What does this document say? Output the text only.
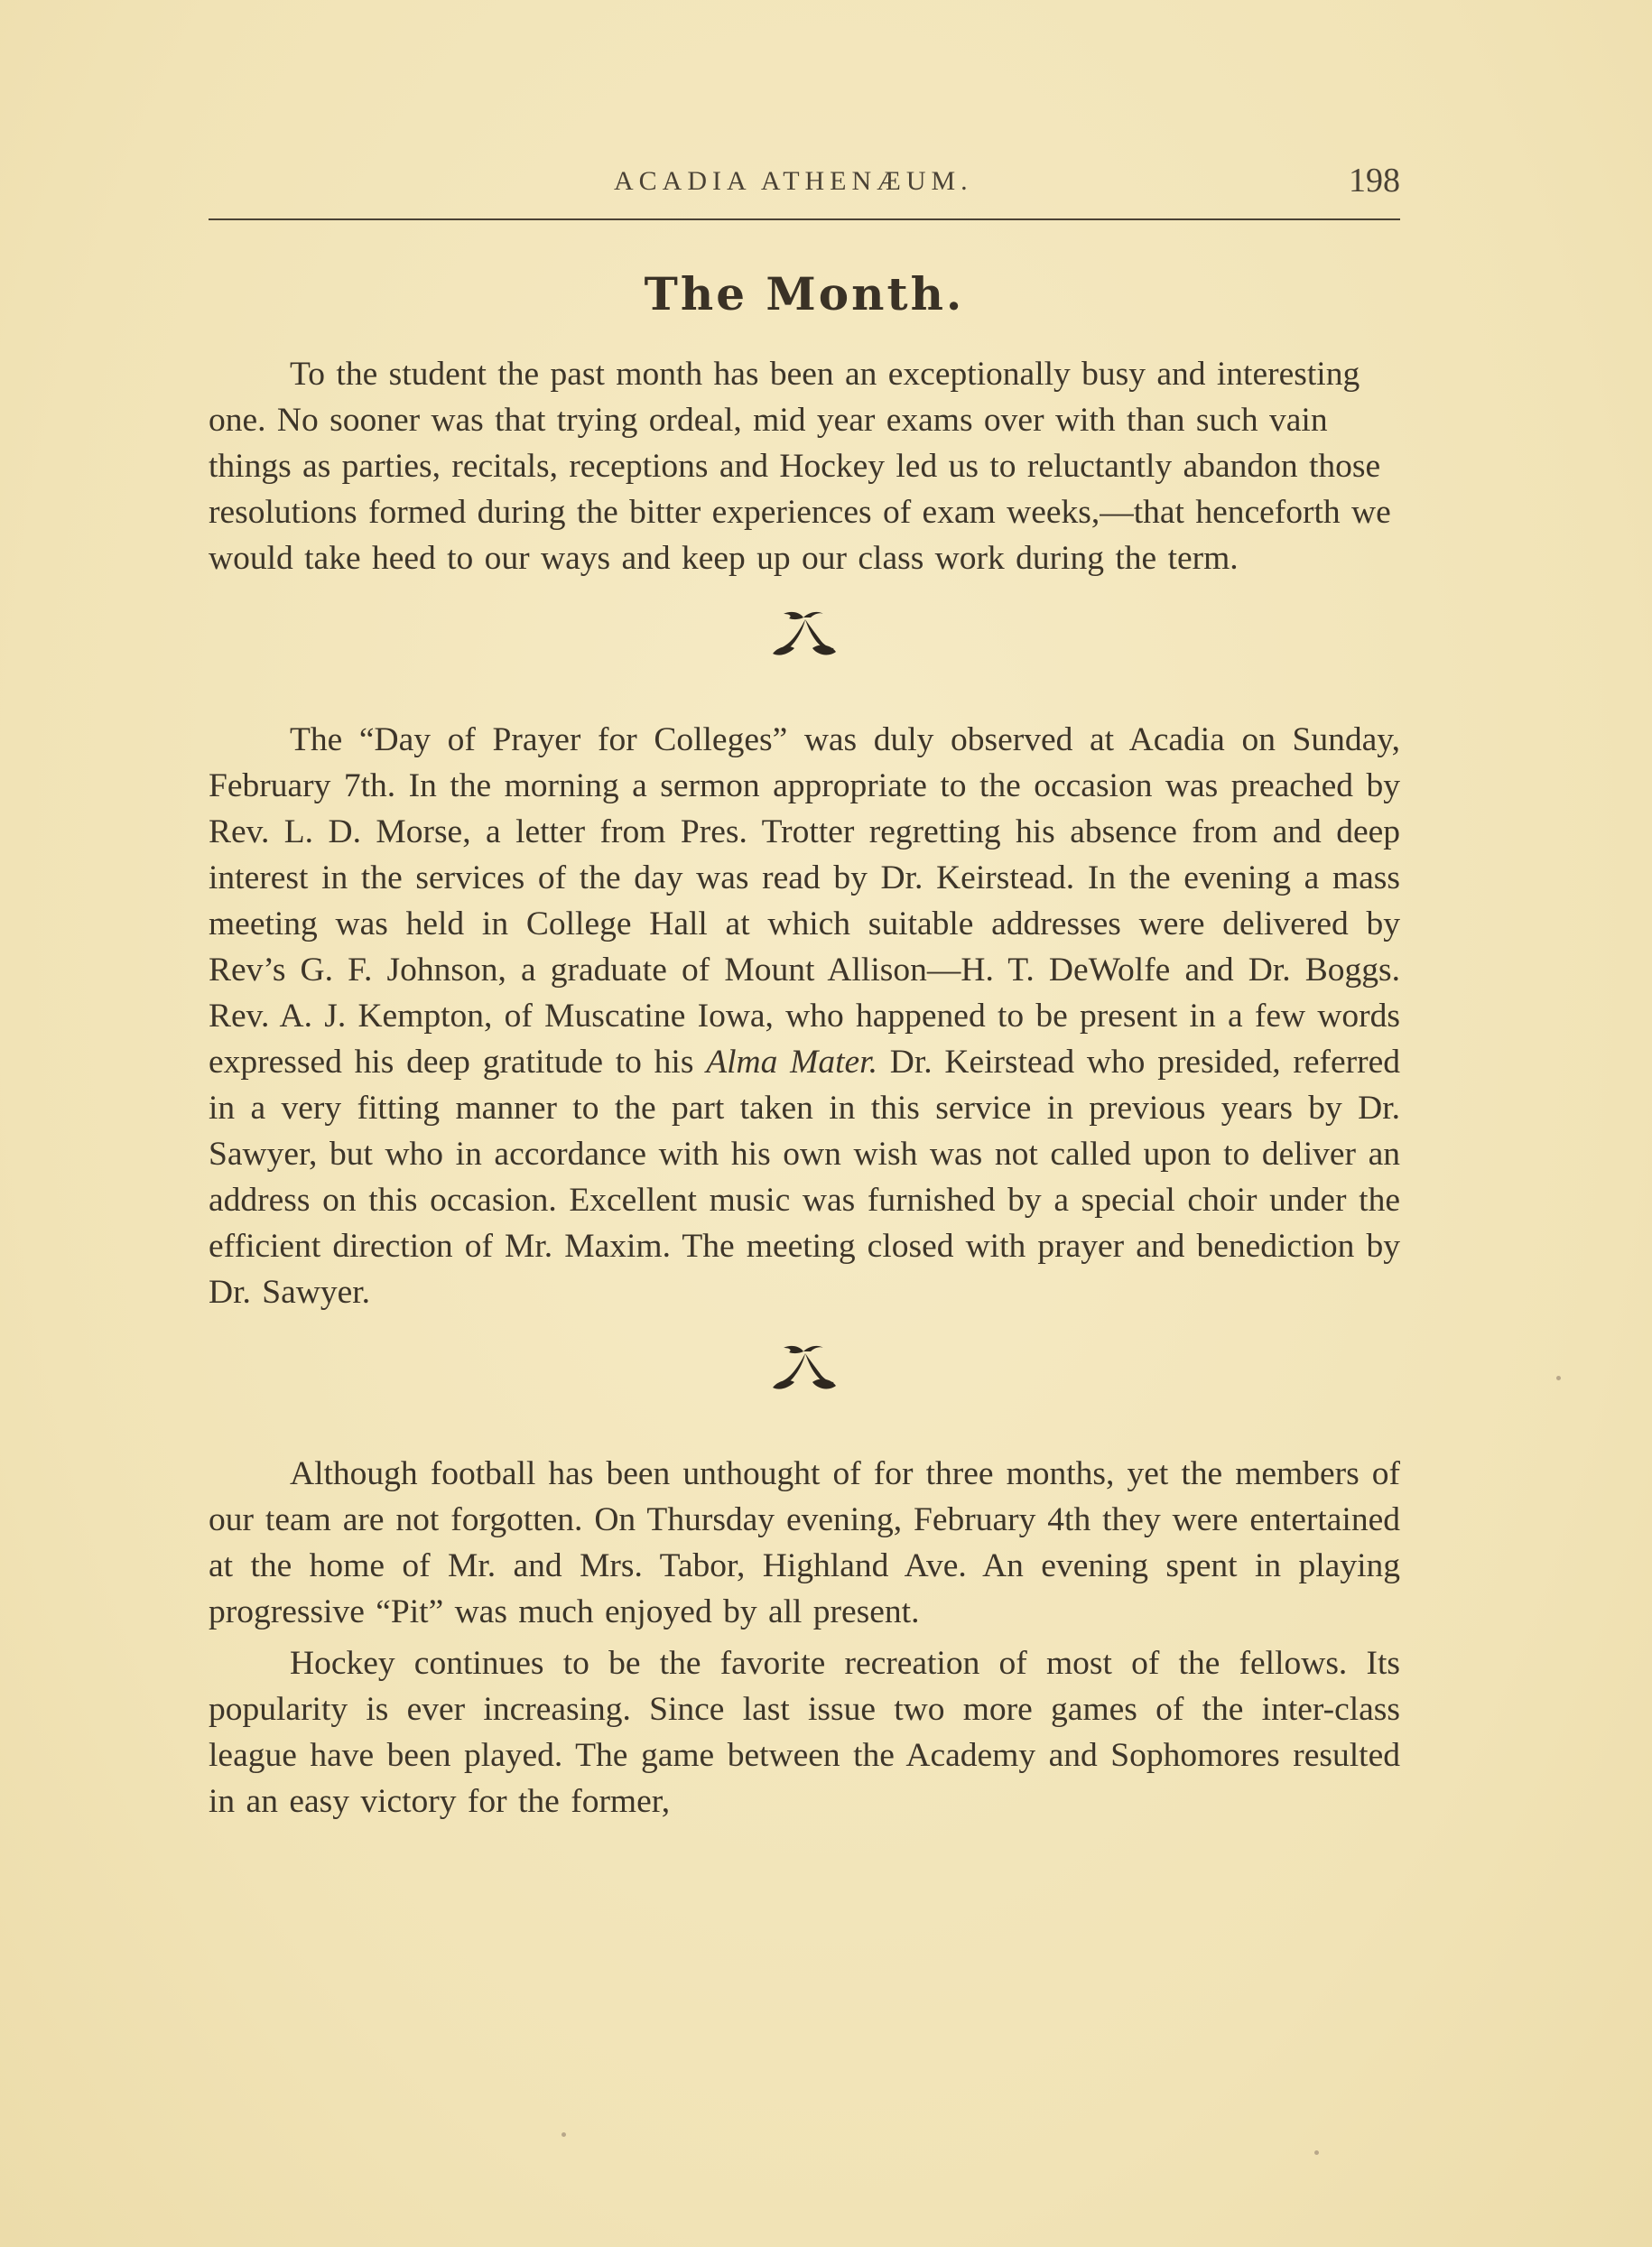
ACADIA ATHENÆUM.	198
The Month.

To the student the past month has been an exceptionally busy and interesting one. No sooner was that trying ordeal, mid year exams over with than such vain things as parties, recitals, receptions and Hockey led us to reluctantly abandon those resolutions formed during the bitter experiences of exam weeks,—that henceforth we would take heed to our ways and keep up our class work during the term.

The “Day of Prayer for Colleges” was duly observed at Acadia on Sunday, February 7th. In the morning a sermon appropriate to the occasion was preached by Rev. L. D. Morse, a letter from Pres. Trotter regretting his absence from and deep interest in the services of the day was read by Dr. Keirstead. In the evening a mass meeting was held in College Hall at which suitable addresses were delivered by Rev’s G. F. Johnson, a graduate of Mount Allison—H. T. DeWolfe and Dr. Boggs. Rev. A. J. Kempton, of Muscatine Iowa, who happened to be present in a few words expressed his deep gratitude to his Alma Mater. Dr. Keirstead who presided, referred in a very fitting manner to the part taken in this service in previous years by Dr. Sawyer, but who in accordance with his own wish was not called upon to deliver an address on this occasion. Excellent music was furnished by a special choir under the efficient direction of Mr. Maxim. The meeting closed with prayer and benediction by Dr. Sawyer.

Although football has been unthought of for three months, yet the members of our team are not forgotten. On Thursday evening, February 4th they were entertained at the home of Mr. and Mrs. Tabor, Highland Ave. An evening spent in playing progressive “Pit” was much enjoyed by all present.

Hockey continues to be the favorite recreation of most of the fellows. Its popularity is ever increasing. Since last issue two more games of the inter-class league have been played. The game between the Academy and Sophomores resulted in an easy victory for the former,
